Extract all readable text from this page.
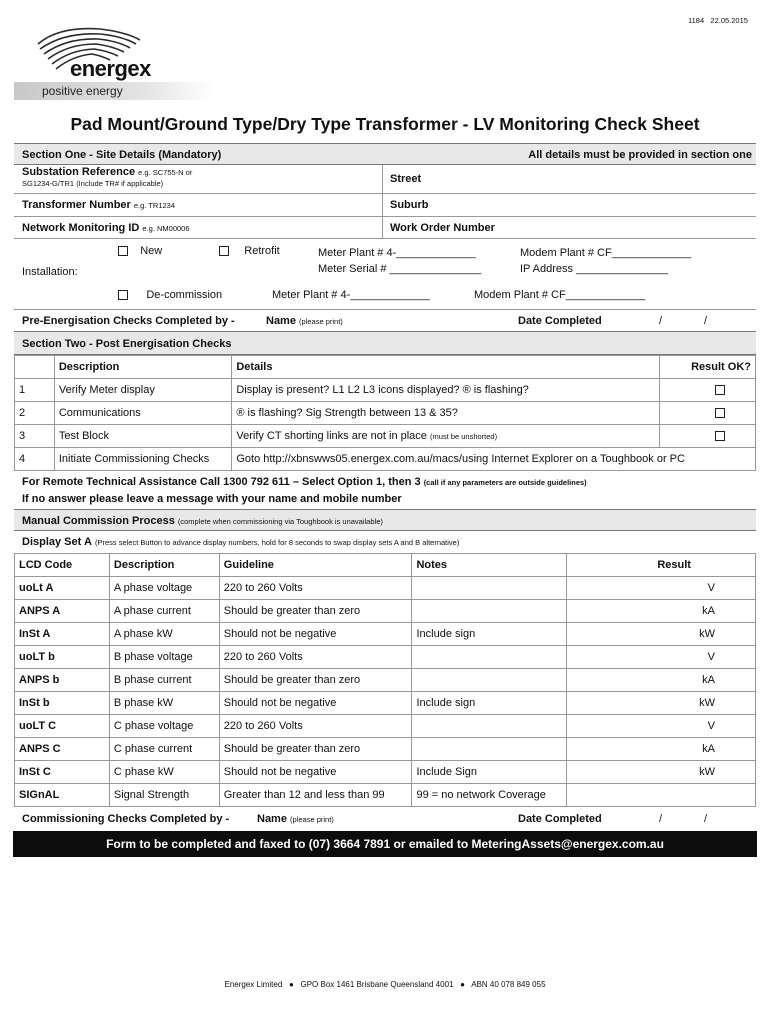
1184 22.05.2015
energex
positive energy
Pad Mount/Ground Type/Dry Type Transformer - LV Monitoring Check Sheet
Section One - Site Details (Mandatory)	All details must be provided in section one
Substation Reference e.g. SC755-N or
SG1234-G/TR1 (Include TR# if applicable)	Street
Transformer Number e.g. TR1234	Suburb
Network Monitoring ID e.g. NM00006	Work Order Number
New	Retrofit	Meter Plant # 4-_____________	Modem Plant # CF_____________
Installation:	Meter Serial # _______________	IP Address _______________
De-commission	Meter Plant # 4-_____________	Modem Plant # CF_____________
Pre-Energisation Checks Completed by -	Name (please print)	Date Completed	/	/
Section Two - Post Energisation Checks
	Description	Details	Result OK?
1	Verify Meter display	Display is present? L1 L2 L3 icons displayed? ® is flashing?	
2	Communications	® is flashing? Sig Strength between 13 & 35?	
3	Test Block	Verify CT shorting links are not in place (must be unshorted)	
4	Initiate Commissioning Checks	Goto http://xbnswws05.energex.com.au/macs/using Internet Explorer on a Toughbook or PC	
For Remote Technical Assistance Call 1300 792 611 – Select Option 1, then 3 (call if any parameters are outside guidelines)
If no answer please leave a message with your name and mobile number
Manual Commission Process (complete when commissioning via Toughbook is unavailable)
Display Set A (Press select Button to advance display numbers, hold for 8 seconds to swap display sets A and B alternative)
LCD Code	Description	Guideline	Notes	Result
uoLt A	A phase voltage	220 to 260 Volts		V
ANPS A	A phase current	Should be greater than zero		kA
InSt A	A phase kW	Should not be negative	Include sign	kW
uoLT b	B phase voltage	220 to 260 Volts		V
ANPS b	B phase current	Should be greater than zero		kA
InSt b	B phase kW	Should not be negative	Include sign	kW
uoLT C	C phase voltage	220 to 260 Volts		V
ANPS C	C phase current	Should be greater than zero		kA
InSt C	C phase kW	Should not be negative	Include Sign	kW
SIGnAL	Signal Strength	Greater than 12 and less than 99	99 = no network Coverage	
Commissioning Checks Completed by -	Name (please print)	Date Completed	/	/
Form to be completed and faxed to (07) 3664 7891 or emailed to MeteringAssets@energex.com.au
Energex Limited ● GPO Box 1461 Brisbane Queensland 4001 ● ABN 40 078 849 055
